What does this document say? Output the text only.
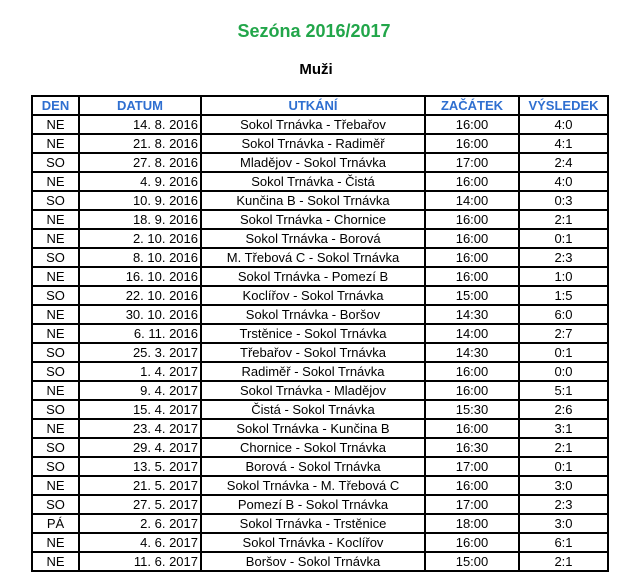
Sezóna 2016/2017
Muži
DEN	DATUM	UTKÁNÍ	ZAČÁTEK	VÝSLEDEK
NE	14. 8. 2016	Sokol Trnávka - Třebařov	16:00	4:0
NE	21. 8. 2016	Sokol Trnávka - Radiměř	16:00	4:1
SO	27. 8. 2016	Mladějov - Sokol Trnávka	17:00	2:4
NE	4. 9. 2016	Sokol Trnávka - Čistá	16:00	4:0
SO	10. 9. 2016	Kunčina B - Sokol Trnávka	14:00	0:3
NE	18. 9. 2016	Sokol Trnávka - Chornice	16:00	2:1
NE	2. 10. 2016	Sokol Trnávka - Borová	16:00	0:1
SO	8. 10. 2016	M. Třebová C - Sokol Trnávka	16:00	2:3
NE	16. 10. 2016	Sokol Trnávka - Pomezí B	16:00	1:0
SO	22. 10. 2016	Koclířov - Sokol Trnávka	15:00	1:5
NE	30. 10. 2016	Sokol Trnávka - Boršov	14:30	6:0
NE	6. 11. 2016	Trstěnice - Sokol Trnávka	14:00	2:7
SO	25. 3. 2017	Třebařov - Sokol Trnávka	14:30	0:1
SO	1. 4. 2017	Radiměř - Sokol Trnávka	16:00	0:0
NE	9. 4. 2017	Sokol Trnávka - Mladějov	16:00	5:1
SO	15. 4. 2017	Čistá - Sokol Trnávka	15:30	2:6
NE	23. 4. 2017	Sokol Trnávka - Kunčina B	16:00	3:1
SO	29. 4. 2017	Chornice - Sokol Trnávka	16:30	2:1
SO	13. 5. 2017	Borová - Sokol Trnávka	17:00	0:1
NE	21. 5. 2017	Sokol Trnávka - M. Třebová C	16:00	3:0
SO	27. 5. 2017	Pomezí B - Sokol Trnávka	17:00	2:3
PÁ	2. 6. 2017	Sokol Trnávka - Trstěnice	18:00	3:0
NE	4. 6. 2017	Sokol Trnávka - Koclířov	16:00	6:1
NE	11. 6. 2017	Boršov - Sokol Trnávka	15:00	2:1
